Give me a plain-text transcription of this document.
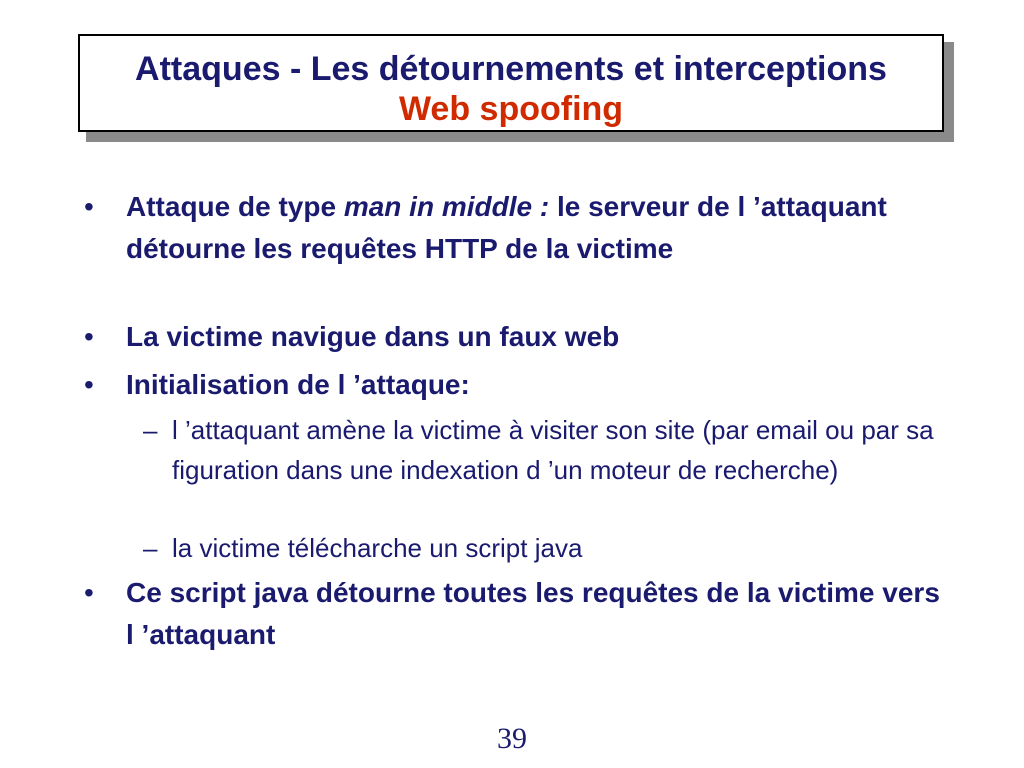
Attaques - Les détournements et interceptions
Web spoofing
• Attaque de type man in middle : le serveur de l ’attaquant détourne les requêtes HTTP de la victime
• La victime navigue dans un faux web
• Initialisation de l ’attaque:
– l ’attaquant amène la victime à visiter son site (par email ou par sa figuration dans une indexation d ’un moteur de recherche)
– la victime télécharche un script java
• Ce script java détourne toutes les requêtes de la victime vers l ’attaquant
39
